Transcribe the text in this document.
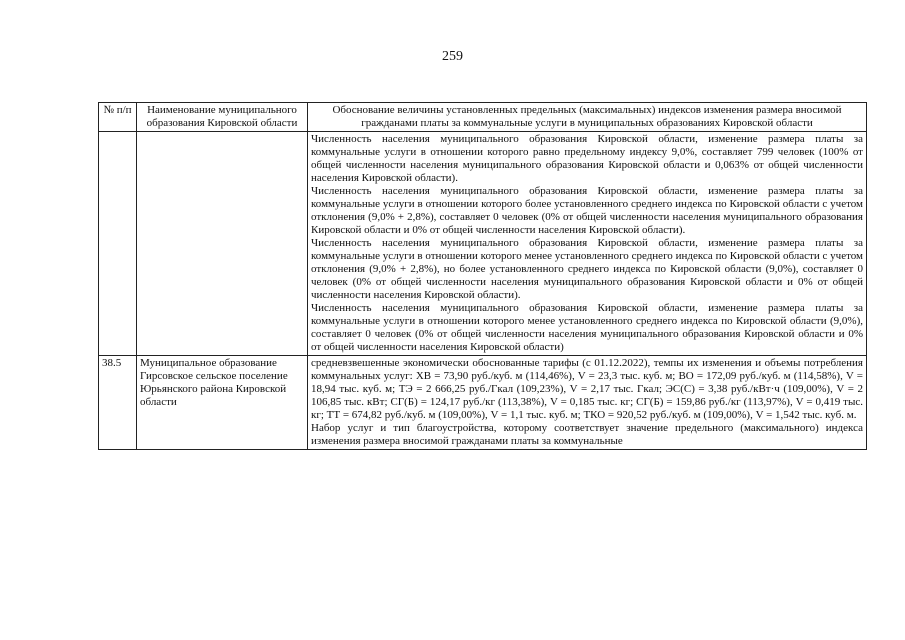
259
№ п/п	Наименование муниципального образования Кировской области	Обоснование величины установленных предельных (максимальных) индексов изменения размера вносимой гражданами платы за коммунальные услуги в муниципальных образованиях Кировской области

		Численность населения муниципального образования Кировской области, изменение размера платы за коммунальные услуги в отношении которого равно предельному индексу 9,0%, составляет 799 человек (100% от общей численности населения муниципального образования Кировской области и 0,063% от общей численности населения Кировской области).

Численность населения муниципального образования Кировской области, изменение размера платы за коммунальные услуги в отношении которого более установленного среднего индекса по Кировской области с учетом отклонения (9,0% + 2,8%), составляет 0 человек (0% от общей численности населения муниципального образования Кировской области и 0% от общей численности населения Кировской области).

Численность населения муниципального образования Кировской области, изменение размера платы за коммунальные услуги в отношении которого менее установленного среднего индекса по Кировской области с учетом отклонения (9,0% + 2,8%), но более установленного среднего индекса по Кировской области (9,0%), составляет 0 человек (0% от общей численности населения муниципального образования Кировской области и 0% от общей численности населения Кировской области).

Численность населения муниципального образования Кировской области, изменение размера платы за коммунальные услуги в отношении которого менее установленного среднего индекса по Кировской области (9,0%), составляет 0 человек (0% от общей численности населения муниципального образования Кировской области и 0% от общей численности населения Кировской области)

38.5	Муниципальное образование Гирсовское сельское поселение Юрьянского района Кировской области	средневзвешенные экономически обоснованные тарифы (с 01.12.2022), темпы их изменения и объемы потребления коммунальных услуг: ХВ = 73,90 руб./куб. м (114,46%), V = 23,3 тыс. куб. м; ВО = 172,09 руб./куб. м (114,58%), V = 18,94 тыс. куб. м; ТЭ = 2 666,25 руб./Гкал (109,23%), V = 2,17 тыс. Гкал; ЭС(С) = 3,38 руб./кВт·ч (109,00%), V = 2 106,85 тыс. кВт; СГ(Б) = 124,17 руб./кг (113,38%), V = 0,185 тыс. кг; СГ(Б) = 159,86 руб./кг (113,97%), V = 0,419 тыс. кг; ТТ = 674,82 руб./куб. м (109,00%), V = 1,1 тыс. куб. м; ТКО = 920,52 руб./куб. м (109,00%), V = 1,542 тыс. куб. м.

Набор услуг и тип благоустройства, которому соответствует значение предельного (максимального) индекса изменения размера вносимой гражданами платы за коммунальные
